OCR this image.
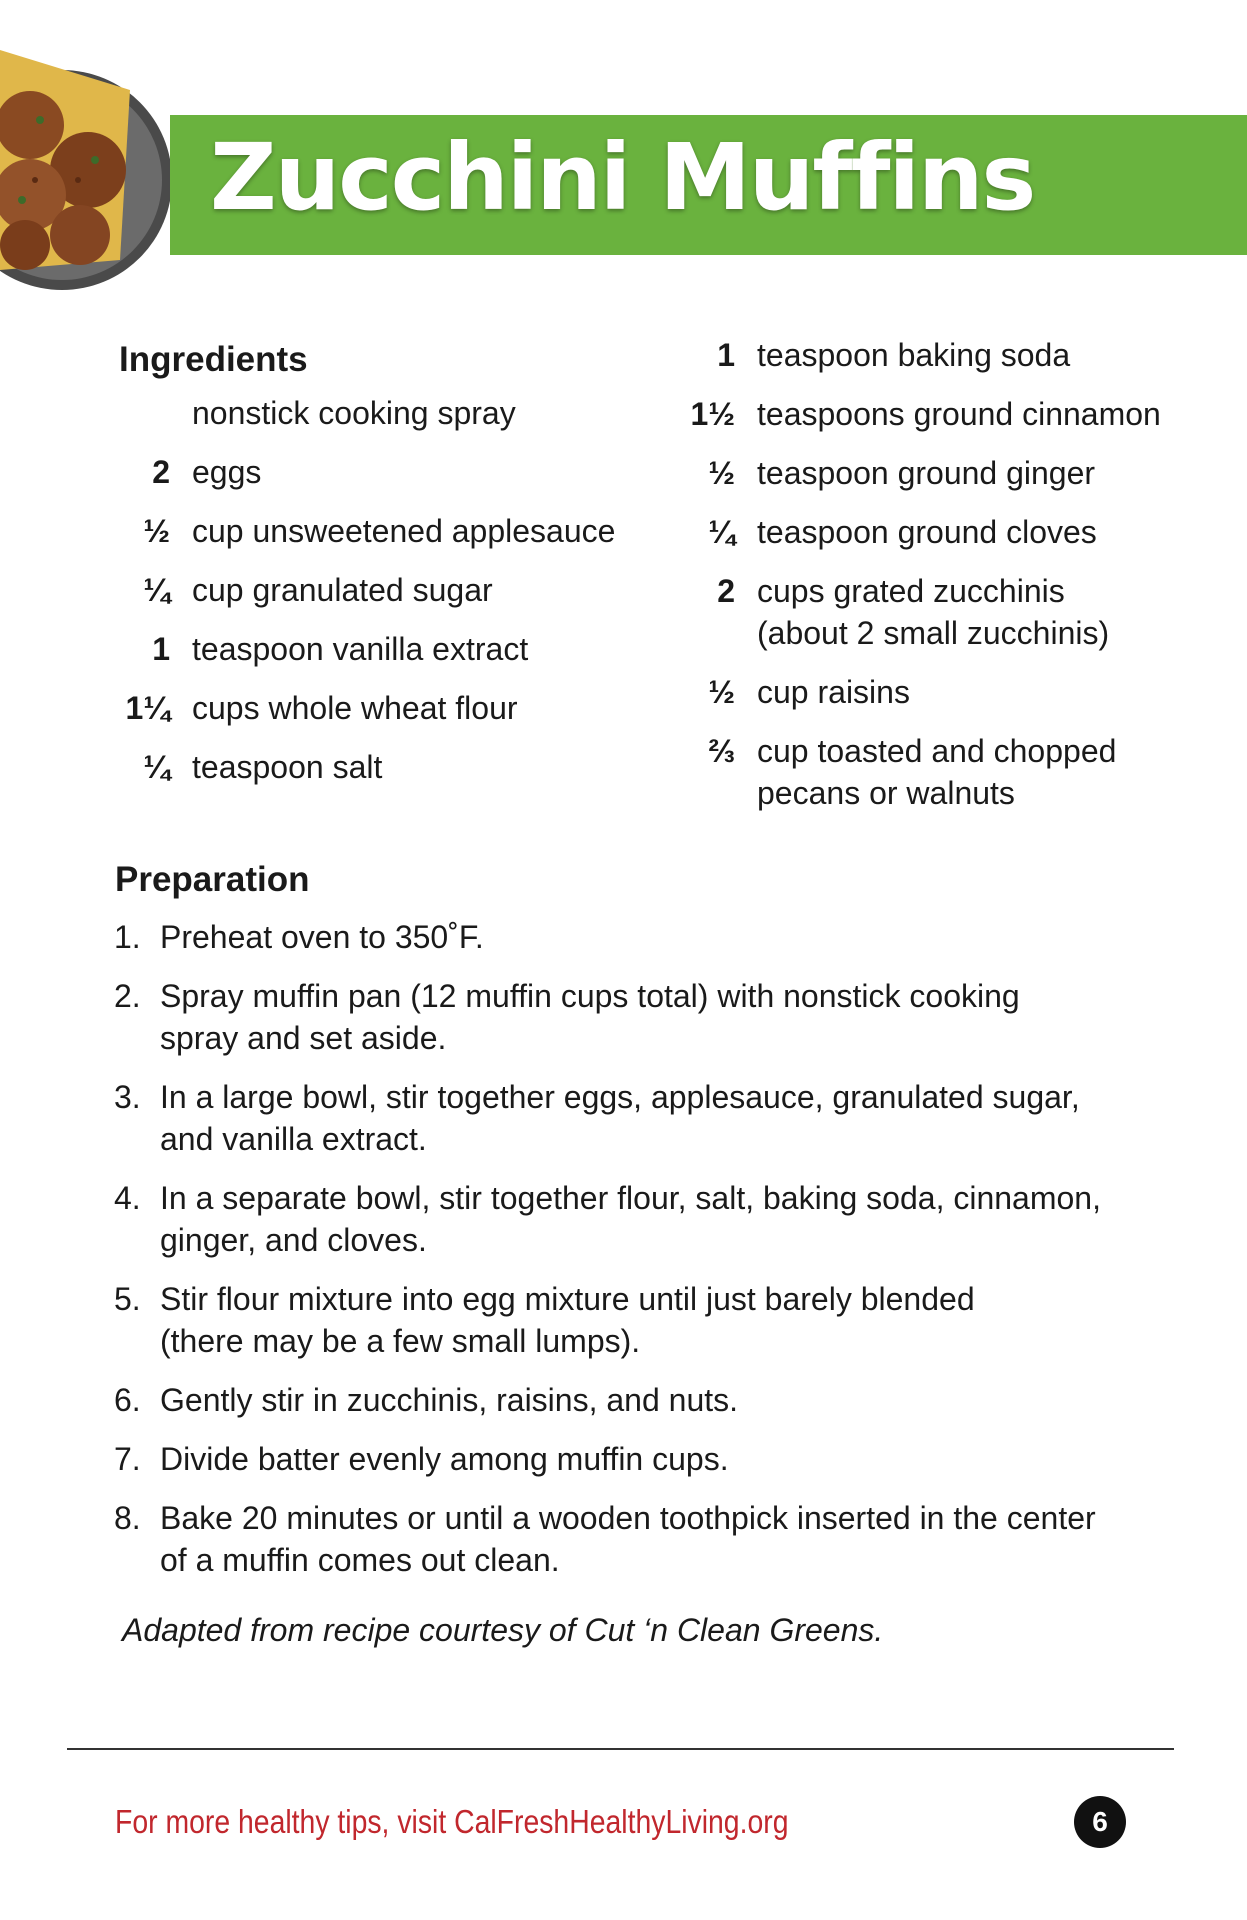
Zucchini Muffins
Ingredients
nonstick cooking spray
2 eggs
½ cup unsweetened applesauce
¼ cup granulated sugar
1 teaspoon vanilla extract
1¼ cups whole wheat flour
¼ teaspoon salt
1 teaspoon baking soda
1½ teaspoons ground cinnamon
½ teaspoon ground ginger
¼ teaspoon ground cloves
2 cups grated zucchinis
(about 2 small zucchinis)
½ cup raisins
⅔ cup toasted and chopped
pecans or walnuts
Preparation
1. Preheat oven to 350˚F.
2. Spray muffin pan (12 muffin cups total) with nonstick cooking
spray and set aside.
3. In a large bowl, stir together eggs, applesauce, granulated sugar,
and vanilla extract.
4. In a separate bowl, stir together flour, salt, baking soda, cinnamon,
ginger, and cloves.
5. Stir flour mixture into egg mixture until just barely blended
(there may be a few small lumps).
6. Gently stir in zucchinis, raisins, and nuts.
7. Divide batter evenly among muffin cups.
8. Bake 20 minutes or until a wooden toothpick inserted in the center
of a muffin comes out clean.
Adapted from recipe courtesy of Cut ‘n Clean Greens.
For more healthy tips, visit CalFreshHealthyLiving.org	6
